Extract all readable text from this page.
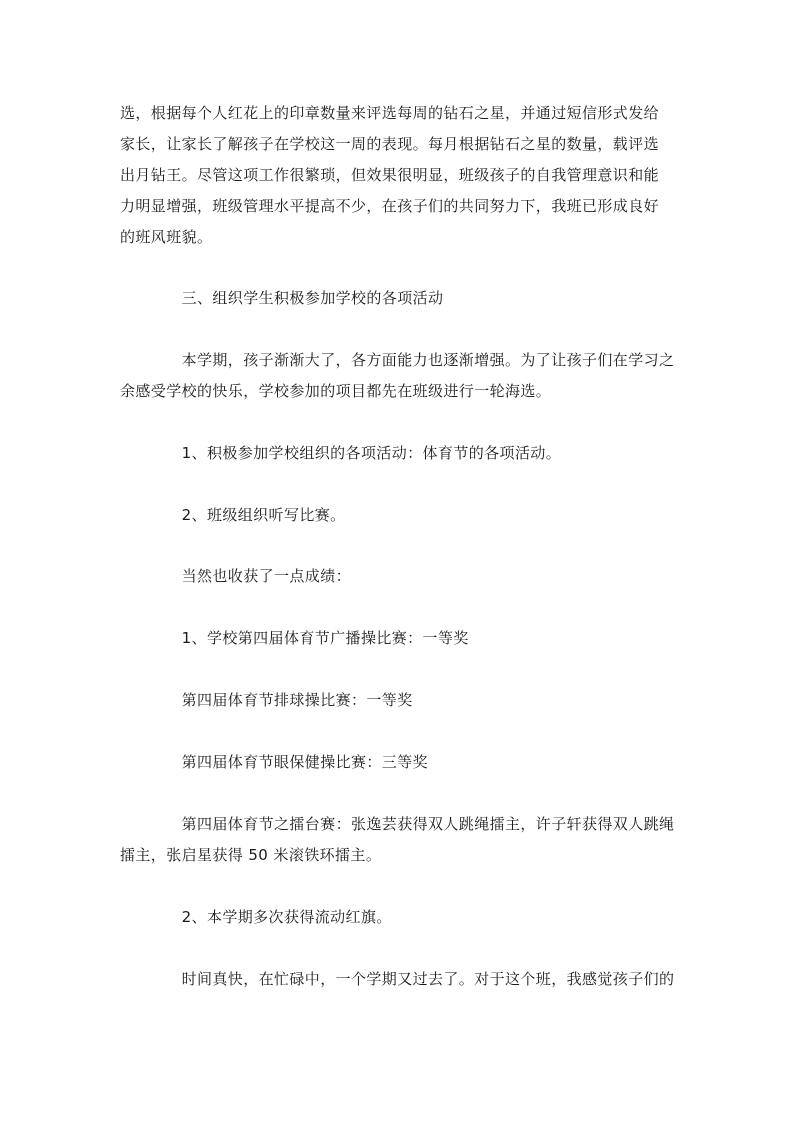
选，根据每个人红花上的印章数量来评选每周的钻石之星，并通过短信形式发给
家长，让家长了解孩子在学校这一周的表现。每月根据钻石之星的数量，载评选
出月钻王。尽管这项工作很繁琐，但效果很明显，班级孩子的自我管理意识和能
力明显增强，班级管理水平提高不少，在孩子们的共同努力下，我班已形成良好
的班风班貌。
　　　　三、组织学生积极参加学校的各项活动
　　　　本学期，孩子渐渐大了，各方面能力也逐渐增强。为了让孩子们在学习之
余感受学校的快乐，学校参加的项目都先在班级进行一轮海选。
　　　　1、积极参加学校组织的各项活动：体育节的各项活动。
　　　　2、班级组织听写比赛。
　　　　当然也收获了一点成绩：
　　　　1、学校第四届体育节广播操比赛：一等奖
　　　　第四届体育节排球操比赛：一等奖
　　　　第四届体育节眼保健操比赛：三等奖
　　　　第四届体育节之擂台赛：张逸芸获得双人跳绳擂主，许子轩获得双人跳绳
擂主，张启星获得 50 米滚铁环擂主。
　　　　2、本学期多次获得流动红旗。
　　　　时间真快，在忙碌中，一个学期又过去了。对于这个班，我感觉孩子们的
